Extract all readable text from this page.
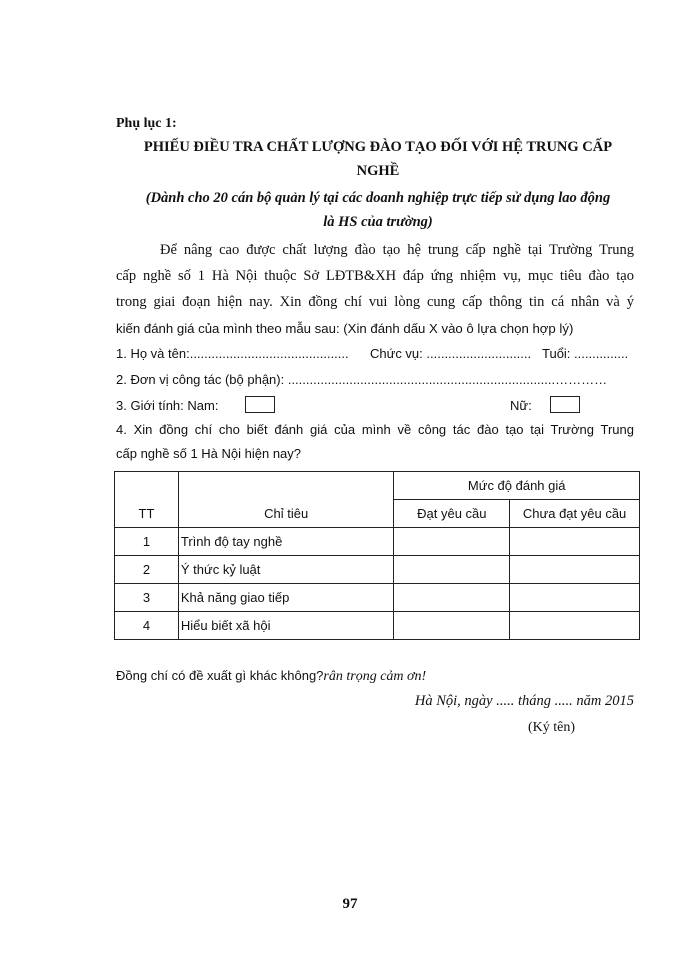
Phụ lục 1:
PHIẾU ĐIỀU TRA CHẤT LƯỢNG ĐÀO TẠO ĐỐI VỚI HỆ TRUNG CẤP
NGHỀ
(Dành cho 20 cán bộ quản lý tại các doanh nghiệp trực tiếp sử dụng lao động
là HS của trường)
Để nâng cao được chất lượng đào tạo hệ trung cấp nghề tại Trường Trung
cấp nghề số 1 Hà Nội thuộc Sở LĐTB&XH đáp ứng nhiệm vụ, mục tiêu đào tạo
trong giai đoạn hiện nay. Xin đồng chí vui lòng cung cấp thông tin cá nhân và ý
kiến đánh giá của mình theo mẫu sau: (Xin đánh dấu X vào ô lựa chọn hợp lý)
1. Họ và tên:............................................ Chức vụ: ............................. Tuổi: ...............
2. Đơn vị công tác (bộ phận): ..........................................................................…………
3. Giới tính: Nam:	Nữ:
4. Xin đồng chí cho biết đánh giá của mình về công tác đào tạo tại Trường Trung
cấp nghề số 1 Hà Nội hiện nay?
TT	Chỉ tiêu	Mức độ đánh giá	
		Đạt yêu cầu	Chưa đạt yêu cầu
1	Trình độ tay nghề		
2	Ý thức kỷ luật		
3	Khả năng giao tiếp		
4	Hiểu biết xã hội		
Đồng chí có đề xuất gì khác không?rân trọng cảm ơn!
Hà Nội, ngày ..... tháng ..... năm 2015
(Ký tên)
97
